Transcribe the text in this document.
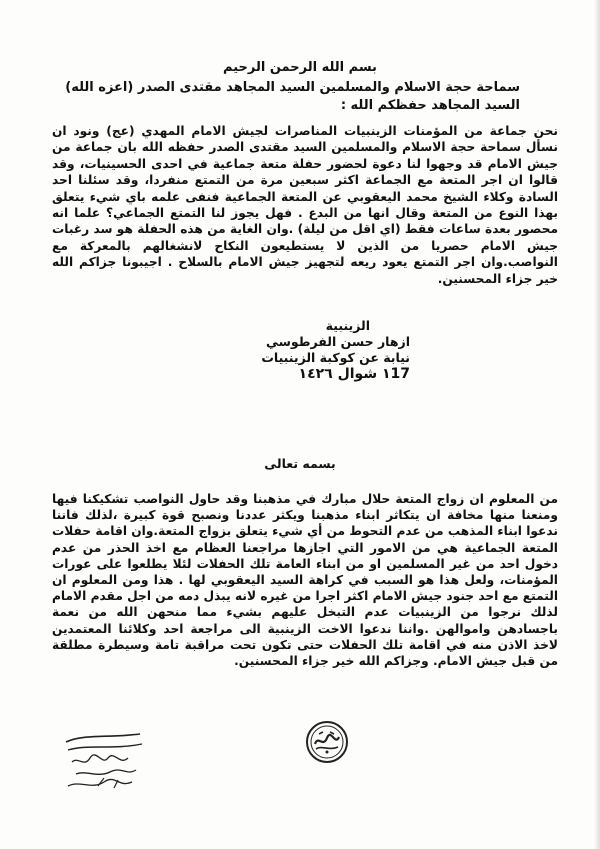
بسم الله الرحمن الرحيم
سماحة حجة الاسلام والمسلمين السيد المجاهد مقتدى الصدر (اعزه الله)
السيد المجاهد حفظكم الله :

نحن جماعة من المؤمنات الزينبيات المناصرات لجيش الامام المهدي (عج) ونود ان نسأل سماحة حجة الاسلام والمسلمين السيد مقتدى الصدر حفظه الله بان جماعة من جيش الامام قد وجهوا لنا دعوة لحضور حفلة متعة جماعية في احدى الحسينيات، وقد قالوا ان اجر المتعة مع الجماعة اكثر سبعين مرة من التمتع منفردا، وقد سئلنا احد السادة وكلاء الشيخ محمد اليعقوبي عن المتعة الجماعية فنفى علمه باي شيء يتعلق بهذا النوع من المتعة وقال انها من البدع . فهل يجوز لنا التمتع الجماعي؟ علما انه محصور بعدة ساعات فقط (اي اقل من ليلة) .وان الغاية من هذه الحفلة هو سد رغبات جيش الامام حصريا من الذين لا يستطيعون النكاح لانشغالهم بالمعركة مع النواصب.وان اجر التمتع يعود ريعه لتجهيز جيش الامام بالسلاح . اجيبونا جزاكم الله خير جزاء المحسنين.

الزينبية
ازهار حسن الفرطوسي
نيابة عن كوكبة الزينبيات
١17 شوال ١٤٢٦
بسمه تعالى

من المعلوم ان زواج المتعة حلال مبارك في مذهبنا وقد حاول النواصب تشكيكنا فيها ومنعنا منها مخافة ان يتكاثر ابناء مذهبنا ويكثر عددنا ونصبح قوة كبيرة ،لذلك فاننا ندعوا ابناء المذهب من عدم التحوط من أي شيء يتعلق بزواج المتعة.وان اقامة حفلات المتعة الجماعية هي من الامور التي اجازها مراجعنا العظام مع اخذ الحذر من عدم دخول احد من غير المسلمين او من ابناء العامة تلك الحفلات لئلا يطلعوا على عورات المؤمنات، ولعل هذا هو السبب في كراهة السيد اليعقوبي لها . هذا ومن المعلوم ان التمتع مع احد جنود جيش الامام اكثر اجرا من غيره لانه يبذل دمه من اجل مقدم الامام لذلك نرجوا من الزينبيات عدم التبخل عليهم بشيء مما منحهن الله من نعمة باجسادهن واموالهن .واننا ندعوا الاخت الزينبية الى مراجعة احد وكلائنا المعتمدين لاخذ الاذن منه في اقامة تلك الحفلات حتى تكون تحت مراقبة تامة وسيطرة مطلقة من قبل جيش الامام. وجزاكم الله خير جزاء المحسنين.
